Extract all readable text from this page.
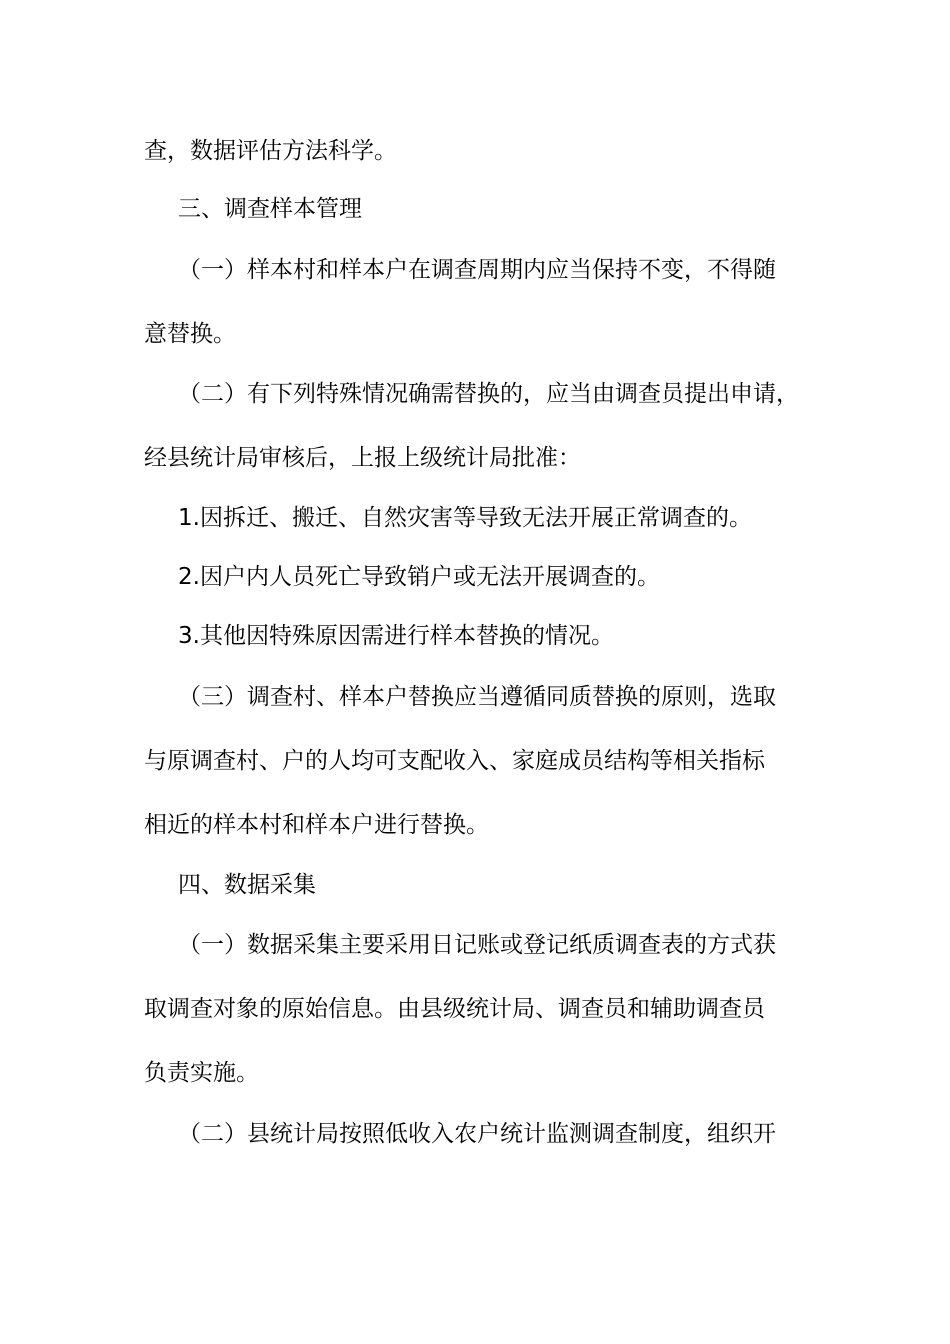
查，数据评估方法科学。
三、调查样本管理
（一）样本村和样本户在调查周期内应当保持不变，不得随
意替换。
（二）有下列特殊情况确需替换的，应当由调查员提出申请，
经县统计局审核后，上报上级统计局批准：
1.因拆迁、搬迁、自然灾害等导致无法开展正常调查的。
2.因户内人员死亡导致销户或无法开展调查的。
3.其他因特殊原因需进行样本替换的情况。
（三）调查村、样本户替换应当遵循同质替换的原则，选取
与原调查村、户的人均可支配收入、家庭成员结构等相关指标
相近的样本村和样本户进行替换。
四、数据采集
（一）数据采集主要采用日记账或登记纸质调查表的方式获
取调查对象的原始信息。由县级统计局、调查员和辅助调查员
负责实施。
（二）县统计局按照低收入农户统计监测调查制度，组织开
